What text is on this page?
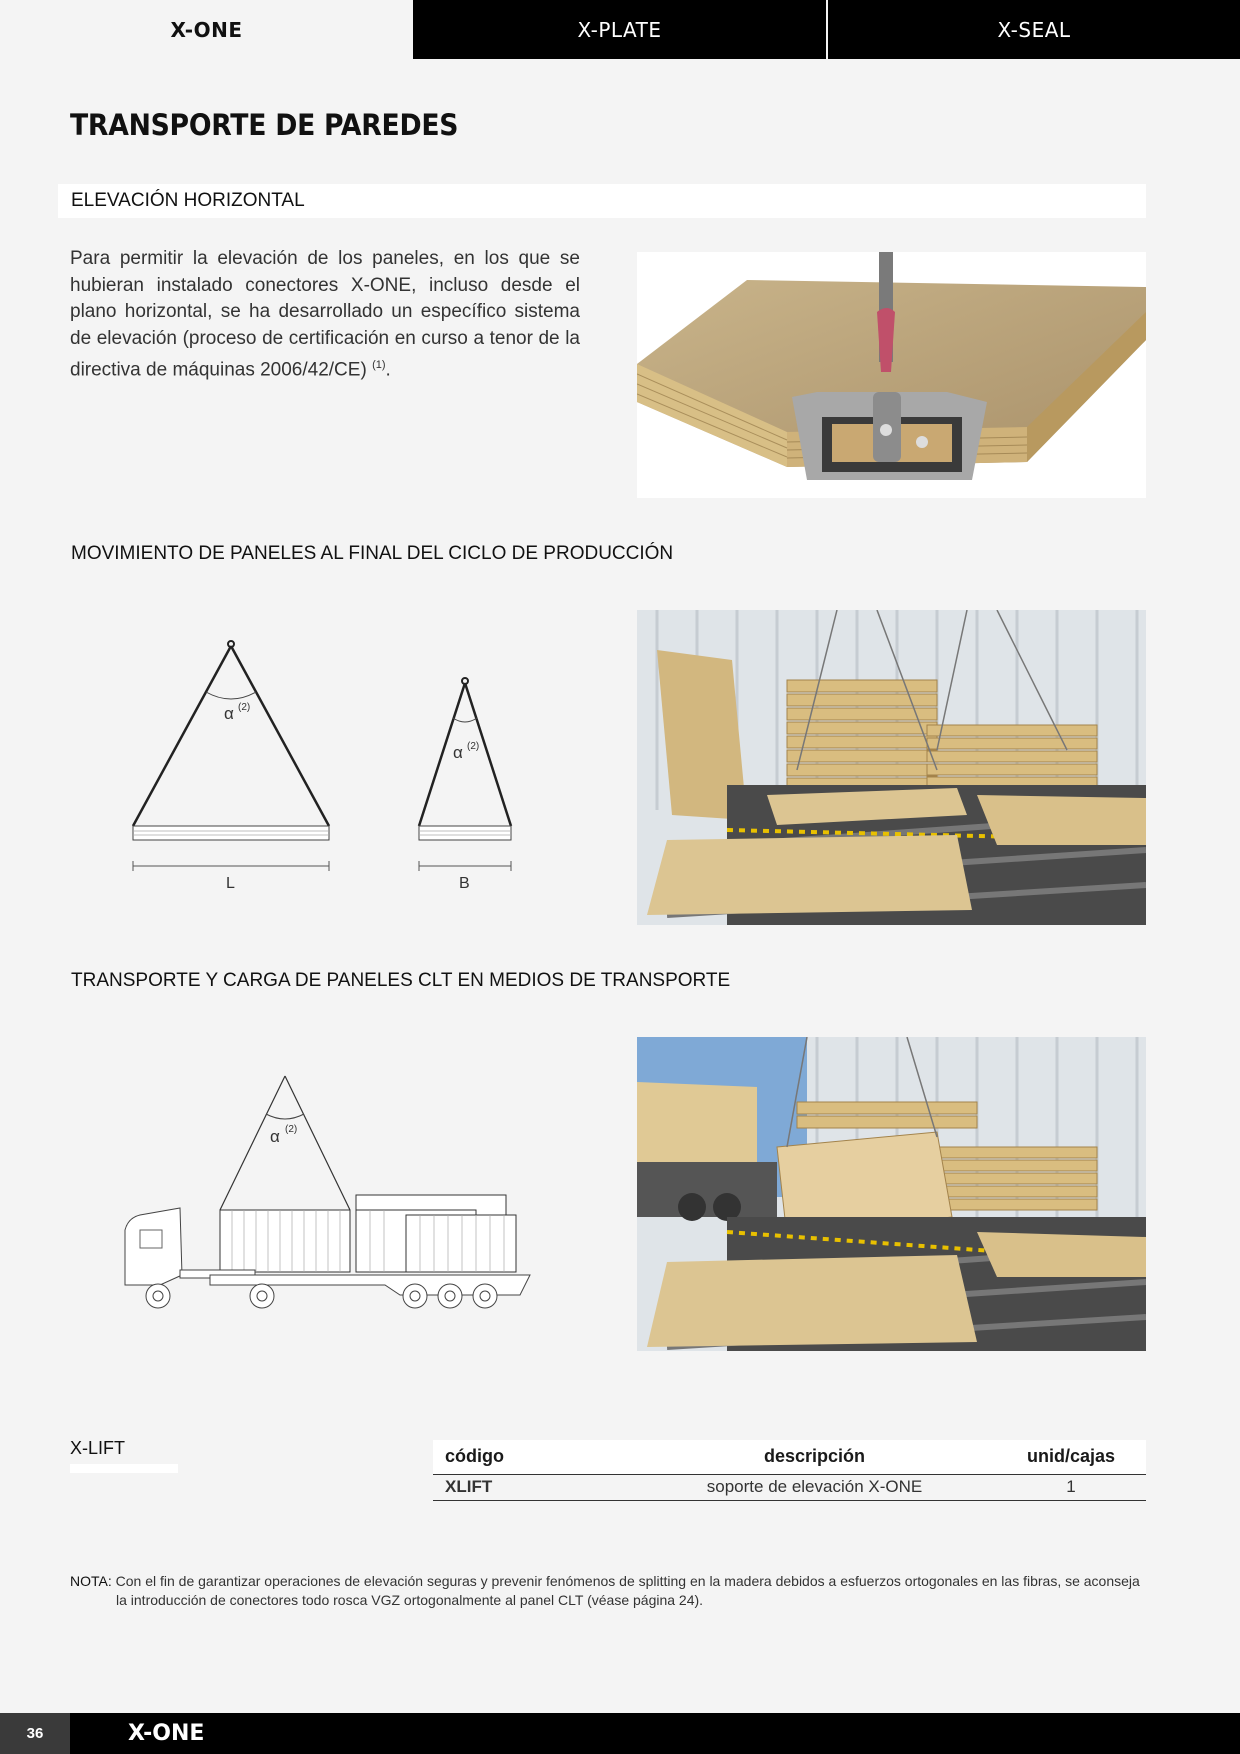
X-ONE	X-PLATE	X-SEAL
TRANSPORTE DE PAREDES
ELEVACIÓN HORIZONTAL

Para permitir la elevación de los paneles, en los que se hubieran instalado conectores X-ONE, incluso desde el plano horizontal, se ha desarrollado un específico sistema de elevación (proceso de certificación en curso a tenor de la directiva de máquinas 2006/42/CE) $^{(1)}$.

MOVIMIENTO DE PANELES AL FINAL DEL CICLO DE PRODUCCIÓN
α (2)
L
α (2)
B
TRANSPORTE Y CARGA DE PANELES CLT EN MEDIOS DE TRANSPORTE
α (2)
X-LIFT	código	descripción	unid/cajas
XLIFT	soporte de elevación X-ONE	1

NOTA: Con el fin de garantizar operaciones de elevación seguras y prevenir fenómenos de splitting en la madera debidos a esfuerzos ortogonales en las fibras, se aconseja la introducción de conectores todo rosca VGZ ortogonalmente al panel CLT (véase página 24).

36	X-ONE
